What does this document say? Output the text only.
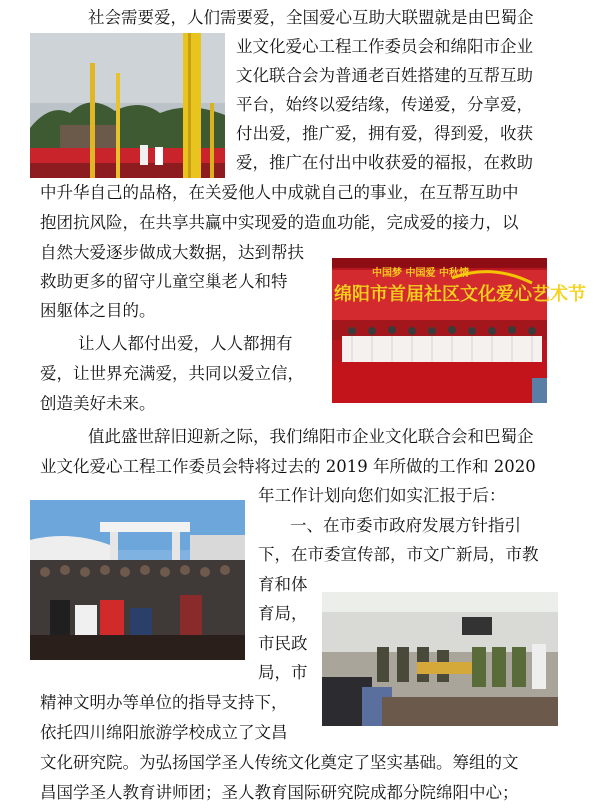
中国梦 中国爱 中秋情
绵阳市首届社区文化爱心艺术节
社会需要爱，人们需要爱，全国爱心互助大联盟就是由巴蜀企
业文化爱心工程工作委员会和绵阳市企业
文化联合会为普通老百姓搭建的互帮互助
平台，始终以爱结缘，传递爱，分享爱，
付出爱，推广爱，拥有爱，得到爱，收获
爱，推广在付出中收获爱的福报，在救助
中升华自己的品格，在关爱他人中成就自己的事业，在互帮互助中
抱团抗风险，在共享共赢中实现爱的造血功能，完成爱的接力，以
自然大爱逐步做成大数据，达到帮扶
救助更多的留守儿童空巢老人和特
困躯体之目的。
让人人都付出爱，人人都拥有
爱，让世界充满爱，共同以爱立信，
创造美好未来。
值此盛世辞旧迎新之际，我们绵阳市企业文化联合会和巴蜀企
业文化爱心工程工作委员会特将过去的 2019 年所做的工作和 2020
年工作计划向您们如实汇报于后：
一、在市委市政府发展方针指引
下，在市委宣传部，市文广新局，市教
育和体
育局，
市民政
局，市
精神文明办等单位的指导支持下，
依托四川绵阳旅游学校成立了文昌
文化研究院。为弘扬国学圣人传统文化奠定了坚实基础。筹组的文
昌国学圣人教育讲师团；圣人教育国际研究院成都分院绵阳中心；
